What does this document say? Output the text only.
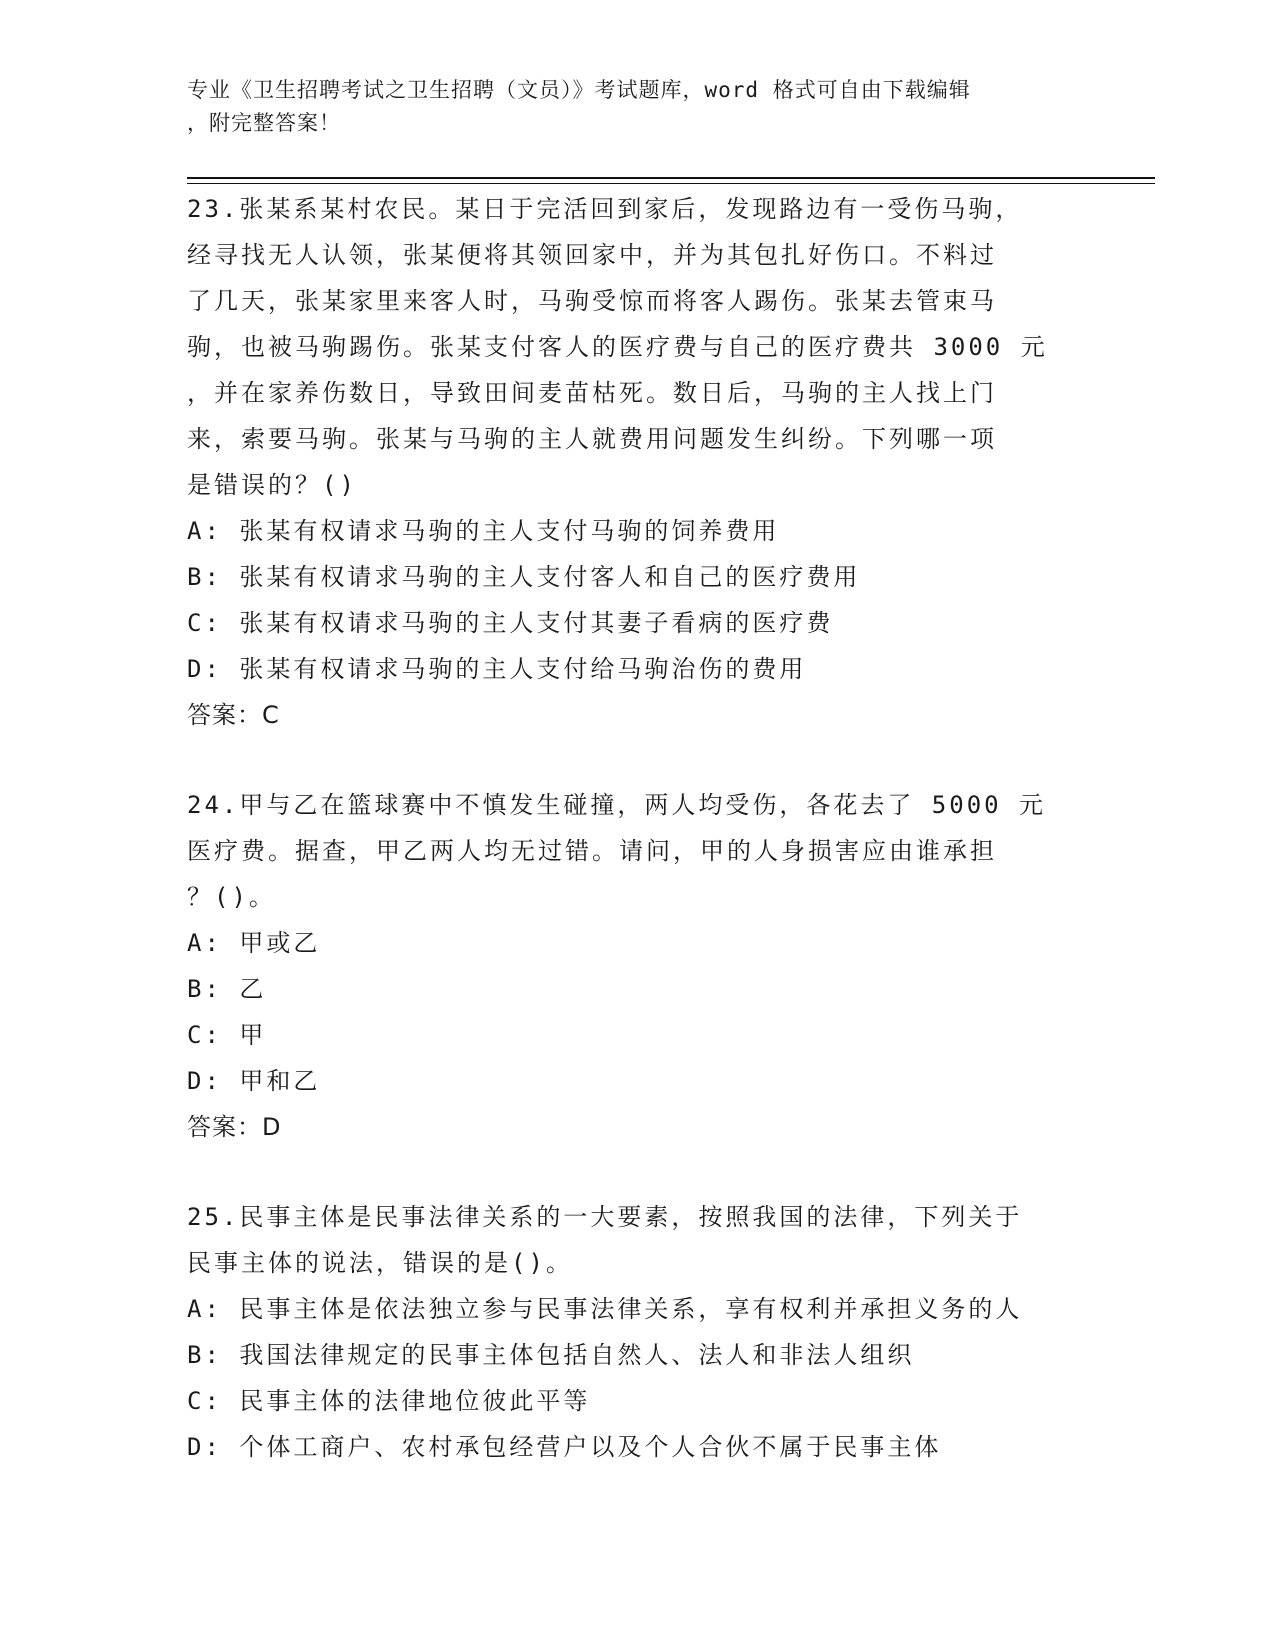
专业《卫生招聘考试之卫生招聘（文员）》考试题库，word 格式可自由下载编辑
，附完整答案！

23.张某系某村农民。某日于完活回到家后，发现路边有一受伤马驹，
经寻找无人认领，张某便将其领回家中，并为其包扎好伤口。不料过
了几天，张某家里来客人时，马驹受惊而将客人踢伤。张某去管束马
驹，也被马驹踢伤。张某支付客人的医疗费与自己的医疗费共 3000 元
，并在家养伤数日，导致田间麦苗枯死。数日后，马驹的主人找上门
来，索要马驹。张某与马驹的主人就费用问题发生纠纷。下列哪一项
是错误的？()

A: 张某有权请求马驹的主人支付马驹的饲养费用

B: 张某有权请求马驹的主人支付客人和自己的医疗费用

C: 张某有权请求马驹的主人支付其妻子看病的医疗费

D: 张某有权请求马驹的主人支付给马驹治伤的费用

答案：C

24.甲与乙在篮球赛中不慎发生碰撞，两人均受伤，各花去了 5000 元
医疗费。据查，甲乙两人均无过错。请问，甲的人身损害应由谁承担
？()。

A: 甲或乙

B: 乙

C: 甲

D: 甲和乙

答案：D

25.民事主体是民事法律关系的一大要素，按照我国的法律，下列关于
民事主体的说法，错误的是()。

A: 民事主体是依法独立参与民事法律关系，享有权利并承担义务的人

B: 我国法律规定的民事主体包括自然人、法人和非法人组织

C: 民事主体的法律地位彼此平等

D: 个体工商户、农村承包经营户以及个人合伙不属于民事主体
